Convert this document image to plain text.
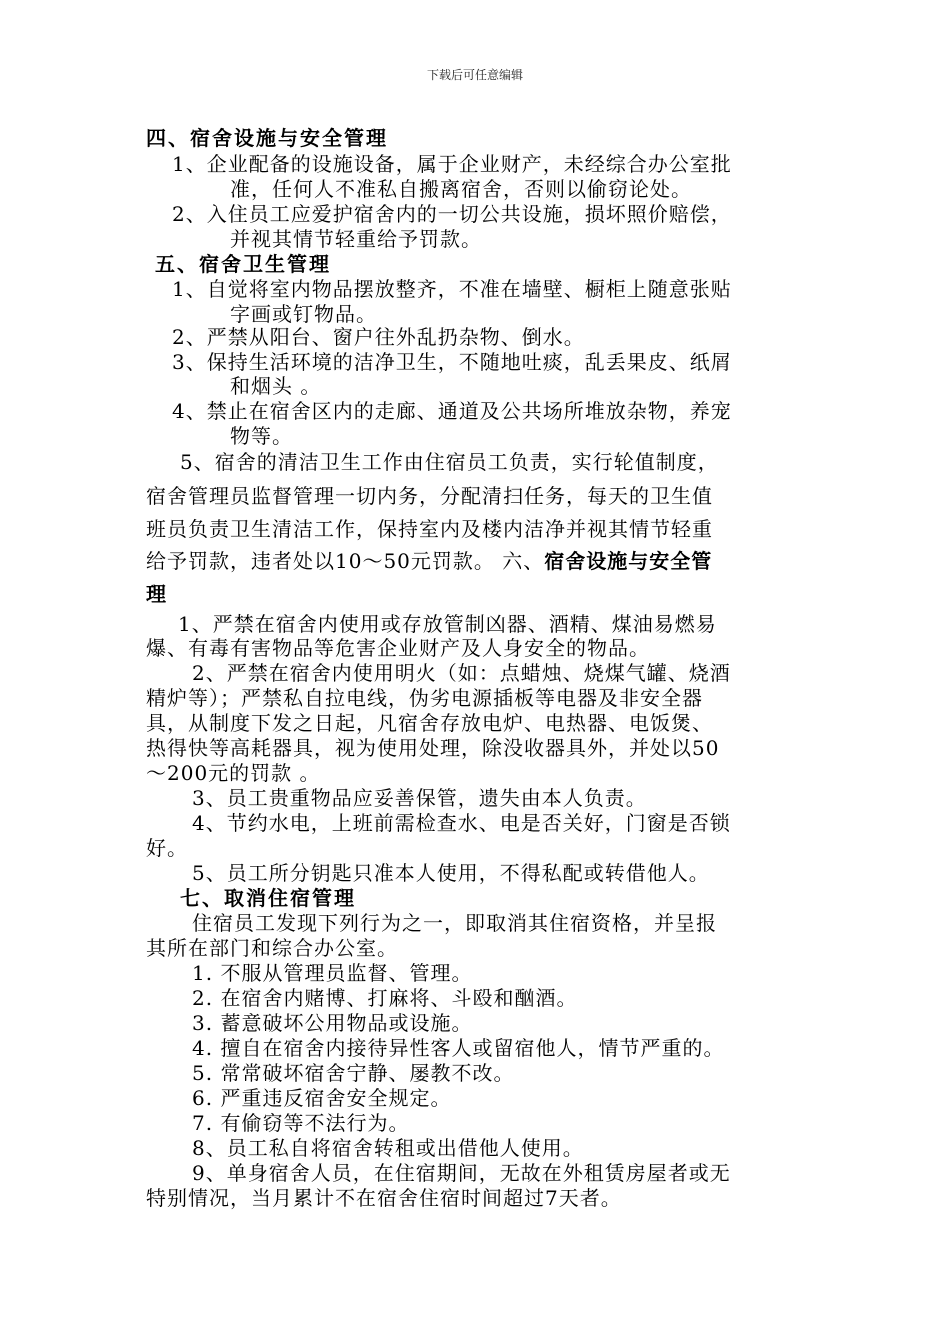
下载后可任意编辑
四、宿舍设施与安全管理
1、企业配备的设施设备，属于企业财产，未经综合办公室批
准，任何人不准私自搬离宿舍，否则以偷窃论处。
2、入住员工应爱护宿舍内的一切公共设施，损坏照价赔偿，
并视其情节轻重给予罚款。
五、宿舍卫生管理
1、自觉将室内物品摆放整齐，不准在墙壁、橱柜上随意张贴
字画或钉物品。
2、严禁从阳台、窗户往外乱扔杂物、倒水。
3、保持生活环境的洁净卫生，不随地吐痰，乱丢果皮、纸屑
和烟头 。
4、禁止在宿舍区内的走廊、通道及公共场所堆放杂物，养宠
物等。
5、宿舍的清洁卫生工作由住宿员工负责，实行轮值制度，
宿舍管理员监督管理一切内务，分配清扫任务，每天的卫生值
班员负责卫生清洁工作，保持室内及楼内洁净并视其情节轻重
给予罚款，违者处以10～50元罚款。 六、宿舍设施与安全管
理
1、严禁在宿舍内使用或存放管制凶器、酒精、煤油易燃易
爆、有毒有害物品等危害企业财产及人身安全的物品。
2、严禁在宿舍内使用明火（如：点蜡烛、烧煤气罐、烧酒
精炉等）；严禁私自拉电线，伪劣电源插板等电器及非安全器
具，从制度下发之日起，凡宿舍存放电炉、电热器、电饭煲、
热得快等高耗器具，视为使用处理，除没收器具外，并处以50
～200元的罚款 。
3、员工贵重物品应妥善保管，遗失由本人负责。
4、节约水电，上班前需检查水、电是否关好，门窗是否锁
好。
5、员工所分钥匙只准本人使用，不得私配或转借他人。
七、取消住宿管理
住宿员工发现下列行为之一，即取消其住宿资格，并呈报
其所在部门和综合办公室。
1. 不服从管理员监督、管理。
2. 在宿舍内赌博、打麻将、斗殴和酗酒。
3. 蓄意破坏公用物品或设施。
4. 擅自在宿舍内接待异性客人或留宿他人，情节严重的。
5. 常常破坏宿舍宁静、屡教不改。
6. 严重违反宿舍安全规定。
7. 有偷窃等不法行为。
8、员工私自将宿舍转租或出借他人使用。
9、单身宿舍人员，在住宿期间，无故在外租赁房屋者或无
特别情况，当月累计不在宿舍住宿时间超过7天者。
